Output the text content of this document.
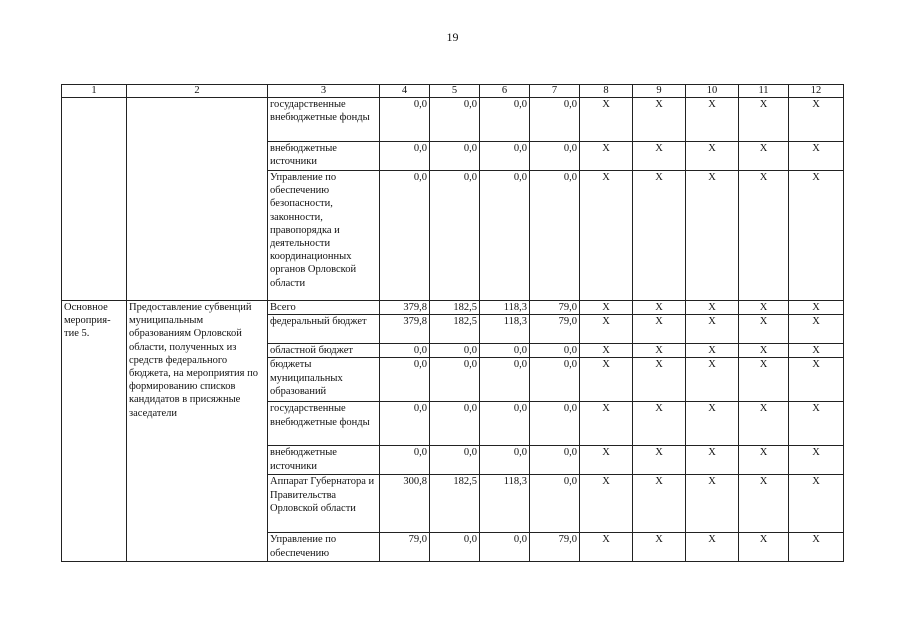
19
1	2	3	4	5	6	7	8	9	10	11	12
		государственные внебюджетные фонды	0,0	0,0	0,0	0,0	X	X	X	X	X
		внебюджетные источники	0,0	0,0	0,0	0,0	X	X	X	X	X
		Управление по обеспечению безопасности, законности, правопорядка и деятельности координационных органов Орловской области	0,0	0,0	0,0	0,0	X	X	X	X	X
Основное мероприя-тие 5.	Предоставление субвенций муниципальным образованиям Орловской области, полученных из средств федерального бюджета, на мероприятия по формированию списков кандидатов в присяжные заседатели	Всего	379,8	182,5	118,3	79,0	X	X	X	X	X
		федеральный бюджет	379,8	182,5	118,3	79,0	X	X	X	X	X
		областной бюджет	0,0	0,0	0,0	0,0	X	X	X	X	X
		бюджеты муниципальных образований	0,0	0,0	0,0	0,0	X	X	X	X	X
		государственные внебюджетные фонды	0,0	0,0	0,0	0,0	X	X	X	X	X
		внебюджетные источники	0,0	0,0	0,0	0,0	X	X	X	X	X
		Аппарат Губернатора и Правительства Орловской области	300,8	182,5	118,3	0,0	X	X	X	X	X
		Управление по обеспечению	79,0	0,0	0,0	79,0	X	X	X	X	X
